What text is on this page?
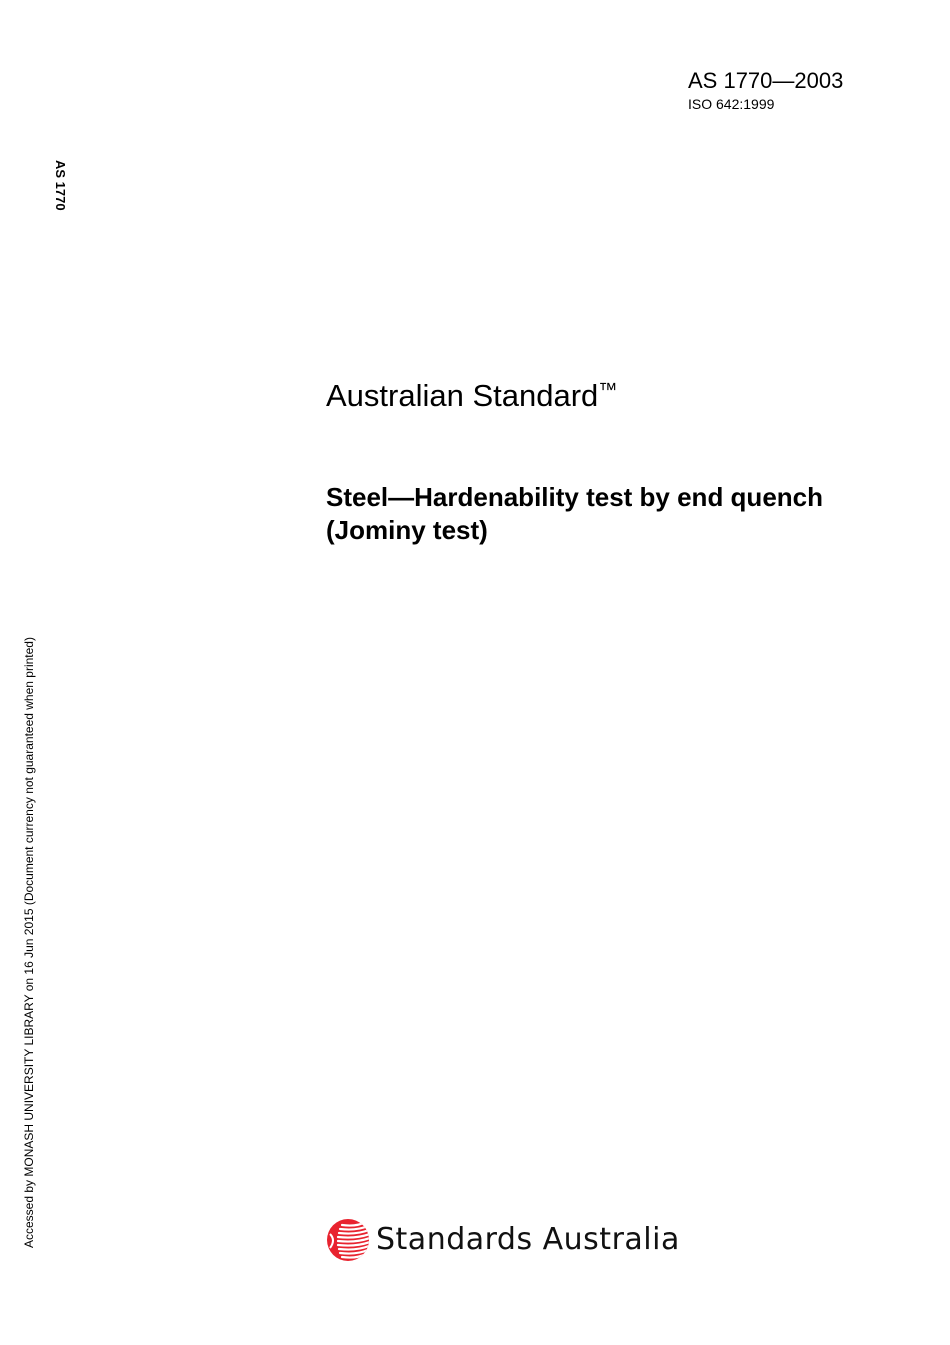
AS 1770—2003
ISO 642:1999
AS 1770
Accessed by MONASH UNIVERSITY LIBRARY on 16 Jun 2015 (Document currency not guaranteed when printed)
Australian Standard™
Steel—Hardenability test by end quench
(Jominy test)
Standards Australia
